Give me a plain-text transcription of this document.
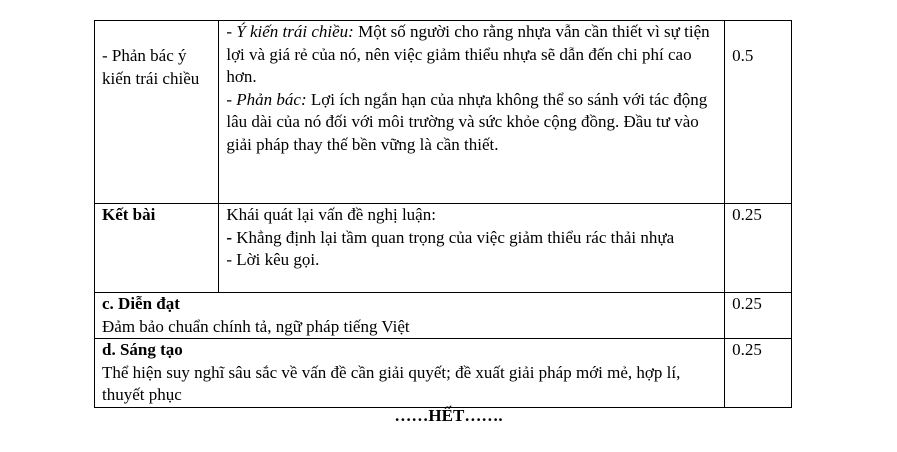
- Phản bác ý kiến trái chiều	- Ý kiến trái chiều: Một số người cho rằng nhựa vẫn cần thiết vì sự tiện lợi và giá rẻ của nó, nên việc giảm thiểu nhựa sẽ dẫn đến chi phí cao hơn.
- Phản bác: Lợi ích ngắn hạn của nhựa không thể so sánh với tác động lâu dài của nó đối với môi trường và sức khỏe cộng đồng. Đầu tư vào giải pháp thay thế bền vững là cần thiết.	0.5
Kết bài	Khái quát lại vấn đề nghị luận:
- Khẳng định lại tầm quan trọng của việc giảm thiểu rác thải nhựa
- Lời kêu gọi.	0.25

c. Diễn đạt
Đảm bảo chuẩn chính tả, ngữ pháp tiếng Việt		0.25

d. Sáng tạo
Thể hiện suy nghĩ sâu sắc về vấn đề cần giải quyết; đề xuất giải pháp mới mẻ, hợp lí, thuyết phục		0.25
……HẾT…….
